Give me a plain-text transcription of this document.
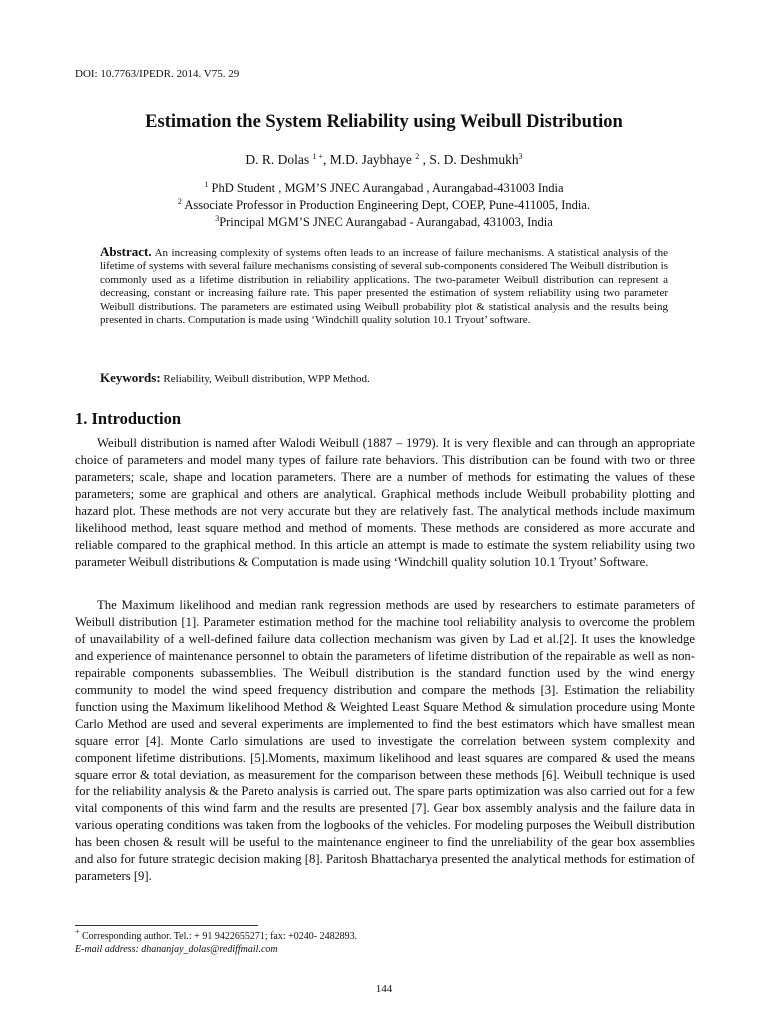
DOI: 10.7763/IPEDR. 2014. V75. 29
Estimation the System Reliability using Weibull Distribution
D. R. Dolas $^{1 +}$, M.D. Jaybhaye $^2$ , S. D. Deshmukh$^3$
$^1$ PhD Student , MGM’S JNEC Aurangabad , Aurangabad-431003 India
$^2$ Associate Professor in Production Engineering Dept, COEP, Pune-411005, India.
$^3$Principal MGM’S JNEC Aurangabad - Aurangabad, 431003, India
Abstract. An increasing complexity of systems often leads to an increase of failure mechanisms. A statistical analysis of the lifetime of systems with several failure mechanisms consisting of several sub-components considered The Weibull distribution is commonly used as a lifetime distribution in reliability applications. The two-parameter Weibull distribution can represent a decreasing, constant or increasing failure rate. This paper presented the estimation of system reliability using two parameter Weibull distributions. The parameters are estimated using Weibull probability plot & statistical analysis and the results being presented in charts. Computation is made using ‘Windchill quality solution 10.1 Tryout’ software.
Keywords: Reliability, Weibull distribution, WPP Method.
1. Introduction
Weibull distribution is named after Walodi Weibull (1887 – 1979). It is very flexible and can through an appropriate choice of parameters and model many types of failure rate behaviors. This distribution can be found with two or three parameters; scale, shape and location parameters. There are a number of methods for estimating the values of these parameters; some are graphical and others are analytical. Graphical methods include Weibull probability plotting and hazard plot. These methods are not very accurate but they are relatively fast. The analytical methods include maximum likelihood method, least square method and method of moments. These methods are considered as more accurate and reliable compared to the graphical method. In this article an attempt is made to estimate the system reliability using two parameter Weibull distributions & Computation is made using ‘Windchill quality solution 10.1 Tryout’ Software.
The Maximum likelihood and median rank regression methods are used by researchers to estimate parameters of Weibull distribution [1]. Parameter estimation method for the machine tool reliability analysis to overcome the problem of unavailability of a well-defined failure data collection mechanism was given by Lad et al.[2]. It uses the knowledge and experience of maintenance personnel to obtain the parameters of lifetime distribution of the repairable as well as non-repairable components subassemblies. The Weibull distribution is the standard function used by the wind energy community to model the wind speed frequency distribution and compare the methods [3]. Estimation the reliability function using the Maximum likelihood Method & Weighted Least Square Method & simulation procedure using Monte Carlo Method are used and several experiments are implemented to find the best estimators which have smallest mean square error [4]. Monte Carlo simulations are used to investigate the correlation between system complexity and component lifetime distributions. [5].Moments, maximum likelihood and least squares are compared & used the means square error & total deviation, as measurement for the comparison between these methods [6]. Weibull technique is used for the reliability analysis & the Pareto analysis is carried out. The spare parts optimization was also carried out for a few vital components of this wind farm and the results are presented [7]. Gear box assembly analysis and the failure data in various operating conditions was taken from the logbooks of the vehicles. For modeling purposes the Weibull distribution has been chosen & result will be useful to the maintenance engineer to find the unreliability of the gear box assemblies and also for future strategic decision making [8]. Paritosh Bhattacharya presented the analytical methods for estimation of parameters [9].
+ Corresponding author. Tel.: + 91 9422655271; fax: +0240- 2482893.
E-mail address: dhananjay_dolas@rediffmail.com
144
